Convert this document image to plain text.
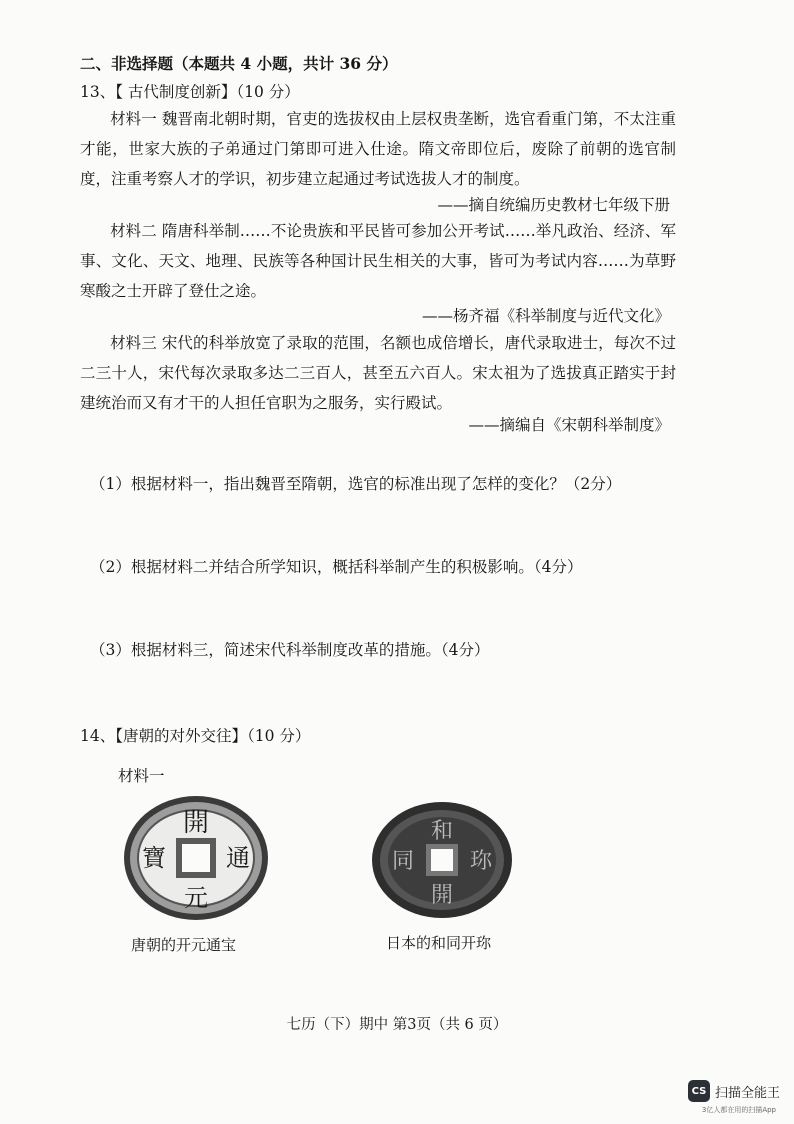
二、非选择题（本题共 4 小题，共计 36 分）
13、【 古代制度创新】（10 分）
材料一 魏晋南北朝时期，官吏的选拔权由上层权贵垄断，选官看重门第，不太注重才能，世家大族的子弟通过门第即可进入仕途。隋文帝即位后，废除了前朝的选官制度，注重考察人才的学识，初步建立起通过考试选拔人才的制度。
——摘自统编历史教材七年级下册
材料二 隋唐科举制……不论贵族和平民皆可参加公开考试……举凡政治、经济、军事、文化、天文、地理、民族等各种国计民生相关的大事，皆可为考试内容……为草野寒酸之士开辟了登仕之途。
——杨齐福《科举制度与近代文化》
材料三 宋代的科举放宽了录取的范围，名额也成倍增长，唐代录取进士，每次不过二三十人，宋代每次录取多达二三百人，甚至五六百人。宋太祖为了选拔真正踏实于封建统治而又有才干的人担任官职为之服务，实行殿试。
——摘编自《宋朝科举制度》
（1）根据材料一，指出魏晋至隋朝，选官的标准出现了怎样的变化？（2分）
（2）根据材料二并结合所学知识，概括科举制产生的积极影响。（4分）
（3）根据材料三，简述宋代科举制度改革的措施。（4分）
14、【唐朝的对外交往】（10 分）
材料一
開
元
通
寶
和
開
珎
同
唐朝的开元通宝	日本的和同开珎
七历（下）期中 第3页（共 6 页）
CS 扫描全能王
3亿人都在用的扫描App
